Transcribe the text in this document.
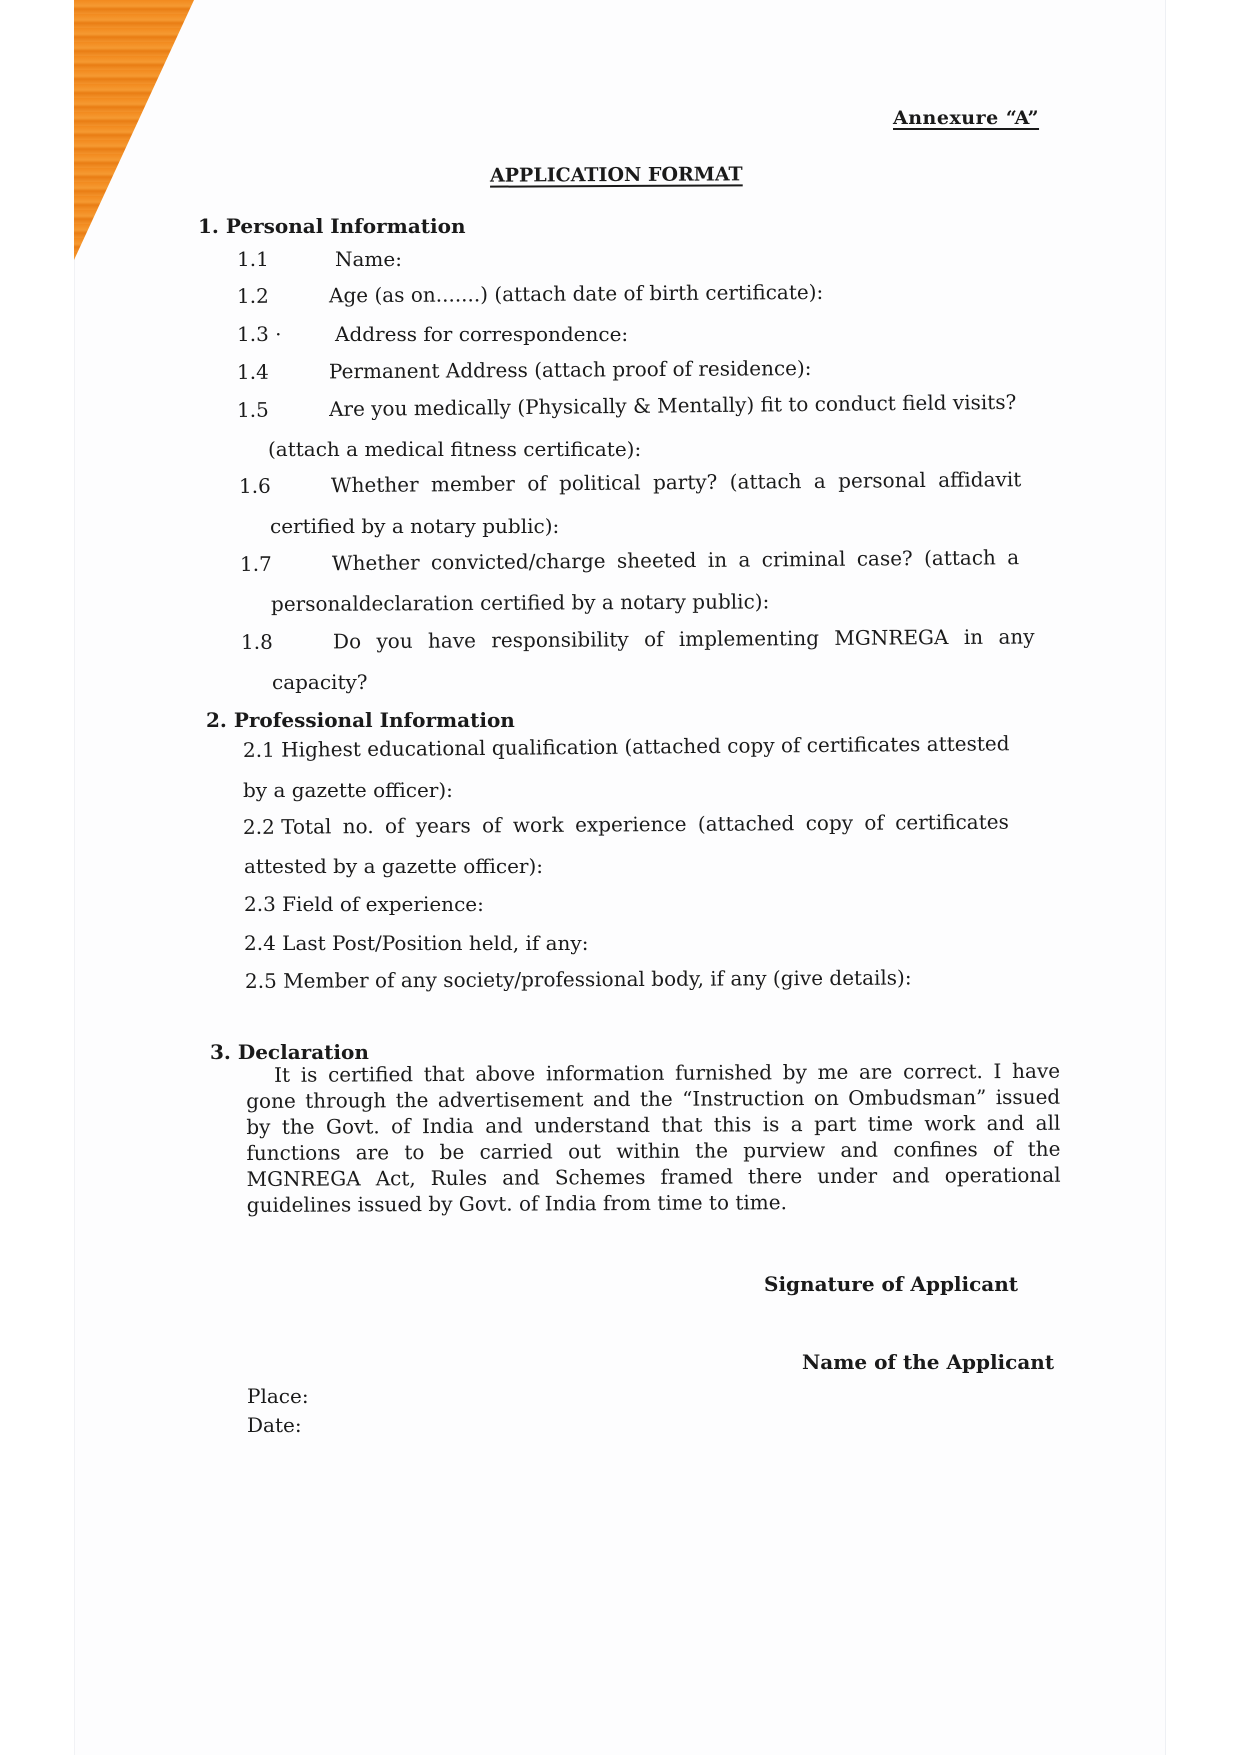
Annexure “A”
APPLICATION FORMAT
1. Personal Information
1.1	Name:
1.2	Age (as on.......) (attach date of birth certificate):
1.3 ·	Address for correspondence:
1.4	Permanent Address (attach proof of residence):
1.5	Are you medically (Physically & Mentally) fit to conduct field visits?
(attach a medical fitness certificate):
1.6	Whether member of political party? (attach a personal affidavit
certified by a notary public):
1.7	Whether convicted/charge sheeted in a criminal case? (attach a
personaldeclaration certified by a notary public):
1.8	Do you have responsibility of implementing MGNREGA in any
capacity?
2. Professional Information
2.1 Highest educational qualification (attached copy of certificates attested
by a gazette officer):
2.2 Total no. of years of work experience (attached copy of certificates
attested by a gazette officer):
2.3 Field of experience:
2.4 Last Post/Position held, if any:
2.5 Member of any society/professional body, if any (give details):
3. Declaration

It is certified that above information furnished by me are correct. I have gone through the advertisement and the “Instruction on Ombudsman” issued by the Govt. of India and understand that this is a part time work and all functions are to be carried out within the purview and confines of the MGNREGA Act, Rules and Schemes framed there under and operational guidelines issued by Govt. of India from time to time.

Signature of Applicant
Name of the Applicant
Place:
Date:
